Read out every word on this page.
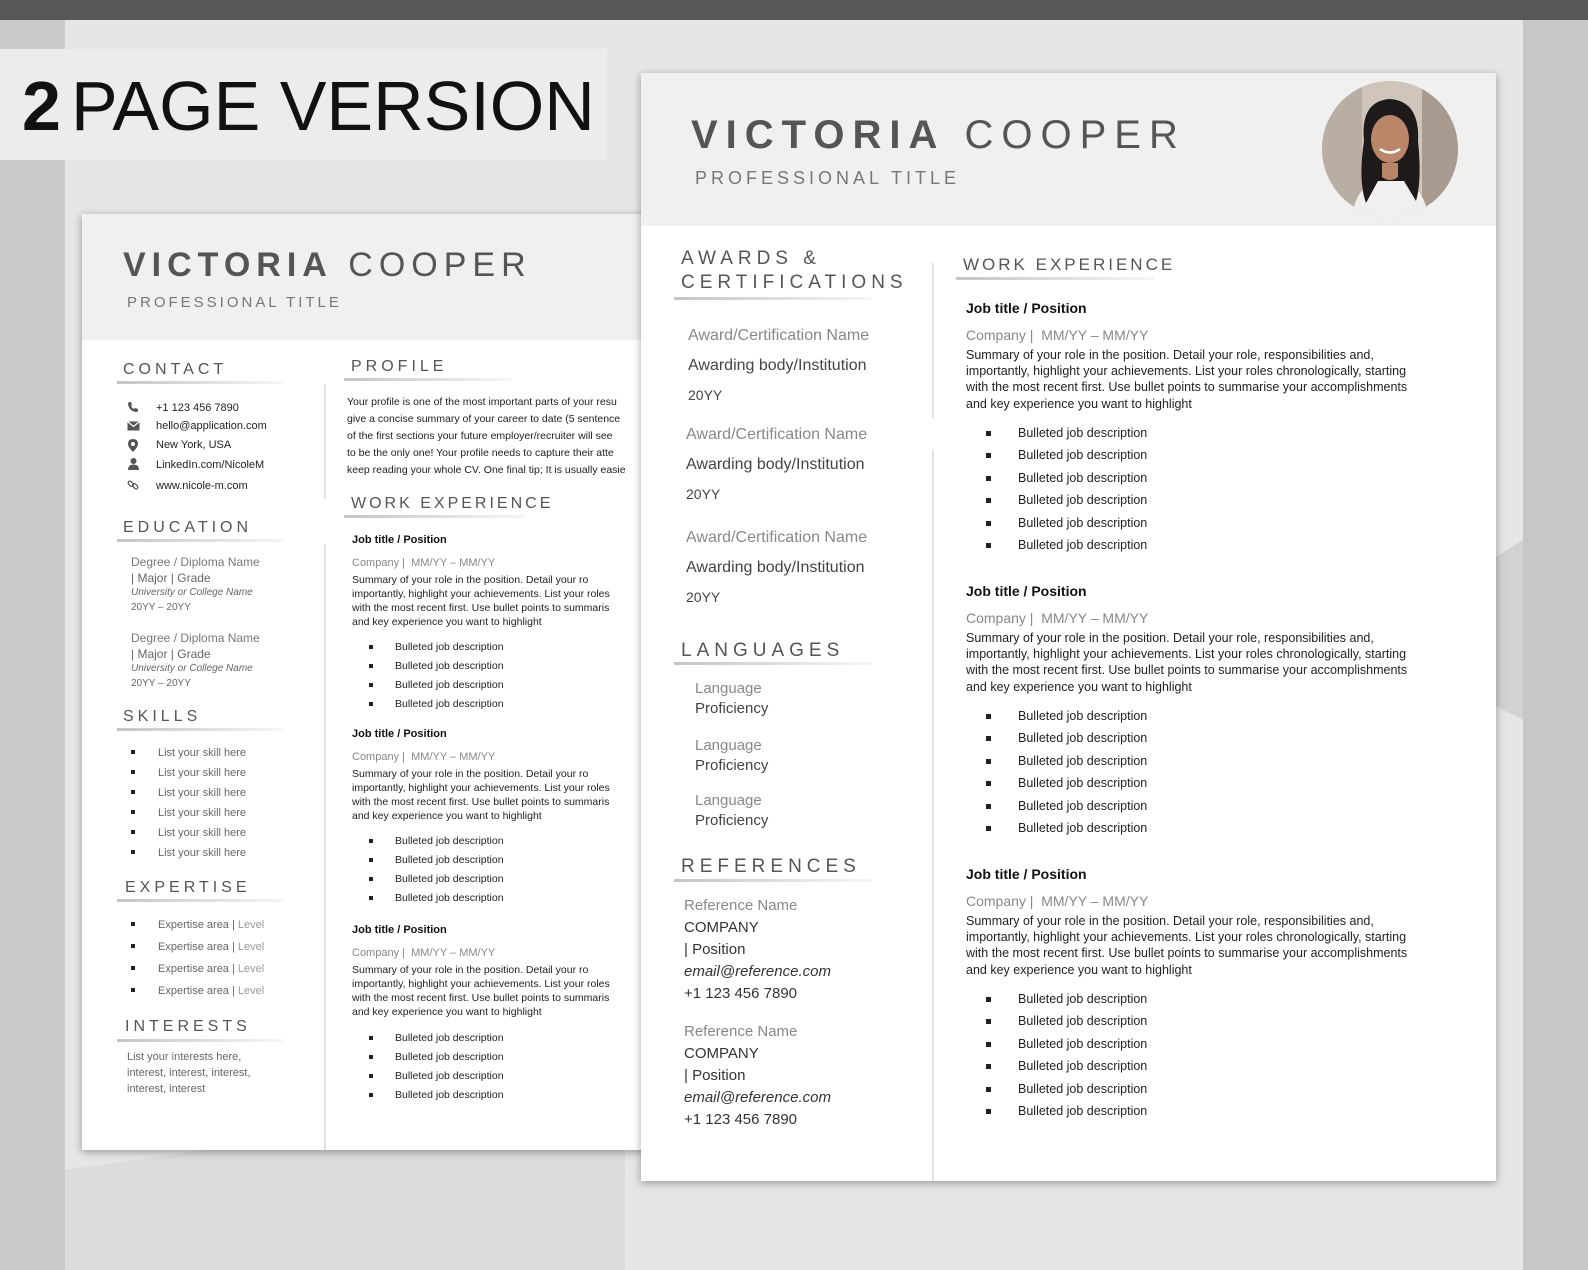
2 PAGE VERSION
VICTORIA COOPER
PROFESSIONAL TITLE
CONTACT
+1 123 456 7890
hello@application.com
New York, USA
LinkedIn.com/NicoleM
www.nicole-m.com
EDUCATION
Degree / Diploma Name
| Major | Grade
University or College Name
20YY – 20YY
Degree / Diploma Name
| Major | Grade
University or College Name
20YY – 20YY
SKILLS
List your skill here
List your skill here
List your skill here
List your skill here
List your skill here
List your skill here
EXPERTISE
Expertise area | Level
Expertise area | Level
Expertise area | Level
Expertise area | Level
INTERESTS
List your interests here,
interest, interest, interest,
interest, interest
PROFILE
Your profile is one of the most important parts of your resu
give a concise summary of your career to date (5 sentence
of the first sections your future employer/recruiter will see
to be the only one! Your profile needs to capture their atte
keep reading your whole CV. One final tip; It is usually easie
WORK EXPERIENCE
Job title / Position
Company | MM/YY – MM/YY
Summary of your role in the position. Detail your ro
importantly, highlight your achievements. List your roles
with the most recent first. Use bullet points to summaris
and key experience you want to highlight
Bulleted job description
Bulleted job description
Bulleted job description
Bulleted job description
Job title / Position
Company | MM/YY – MM/YY
Summary of your role in the position. Detail your ro
importantly, highlight your achievements. List your roles
with the most recent first. Use bullet points to summaris
and key experience you want to highlight
Bulleted job description
Bulleted job description
Bulleted job description
Bulleted job description
Job title / Position
Company | MM/YY – MM/YY
Summary of your role in the position. Detail your ro
importantly, highlight your achievements. List your roles
with the most recent first. Use bullet points to summaris
and key experience you want to highlight
Bulleted job description
Bulleted job description
Bulleted job description
Bulleted job description
VICTORIA COOPER
PROFESSIONAL TITLE
AWARDS &
CERTIFICATIONS
Award/Certification Name
Awarding body/Institution
20YY
Award/Certification Name
Awarding body/Institution
20YY
Award/Certification Name
Awarding body/Institution
20YY
LANGUAGES
Language
Proficiency
Language
Proficiency
Language
Proficiency
REFERENCES
Reference Name
COMPANY
| Position
email@reference.com
+1 123 456 7890
Reference Name
COMPANY
| Position
email@reference.com
+1 123 456 7890
WORK EXPERIENCE
Job title / Position
Company | MM/YY – MM/YY
Summary of your role in the position. Detail your role, responsibilities and,
importantly, highlight your achievements. List your roles chronologically, starting
with the most recent first. Use bullet points to summarise your accomplishments
and key experience you want to highlight
Bulleted job description
Bulleted job description
Bulleted job description
Bulleted job description
Bulleted job description
Bulleted job description
Job title / Position
Company | MM/YY – MM/YY
Summary of your role in the position. Detail your role, responsibilities and,
importantly, highlight your achievements. List your roles chronologically, starting
with the most recent first. Use bullet points to summarise your accomplishments
and key experience you want to highlight
Bulleted job description
Bulleted job description
Bulleted job description
Bulleted job description
Bulleted job description
Bulleted job description
Job title / Position
Company | MM/YY – MM/YY
Summary of your role in the position. Detail your role, responsibilities and,
importantly, highlight your achievements. List your roles chronologically, starting
with the most recent first. Use bullet points to summarise your accomplishments
and key experience you want to highlight
Bulleted job description
Bulleted job description
Bulleted job description
Bulleted job description
Bulleted job description
Bulleted job description
